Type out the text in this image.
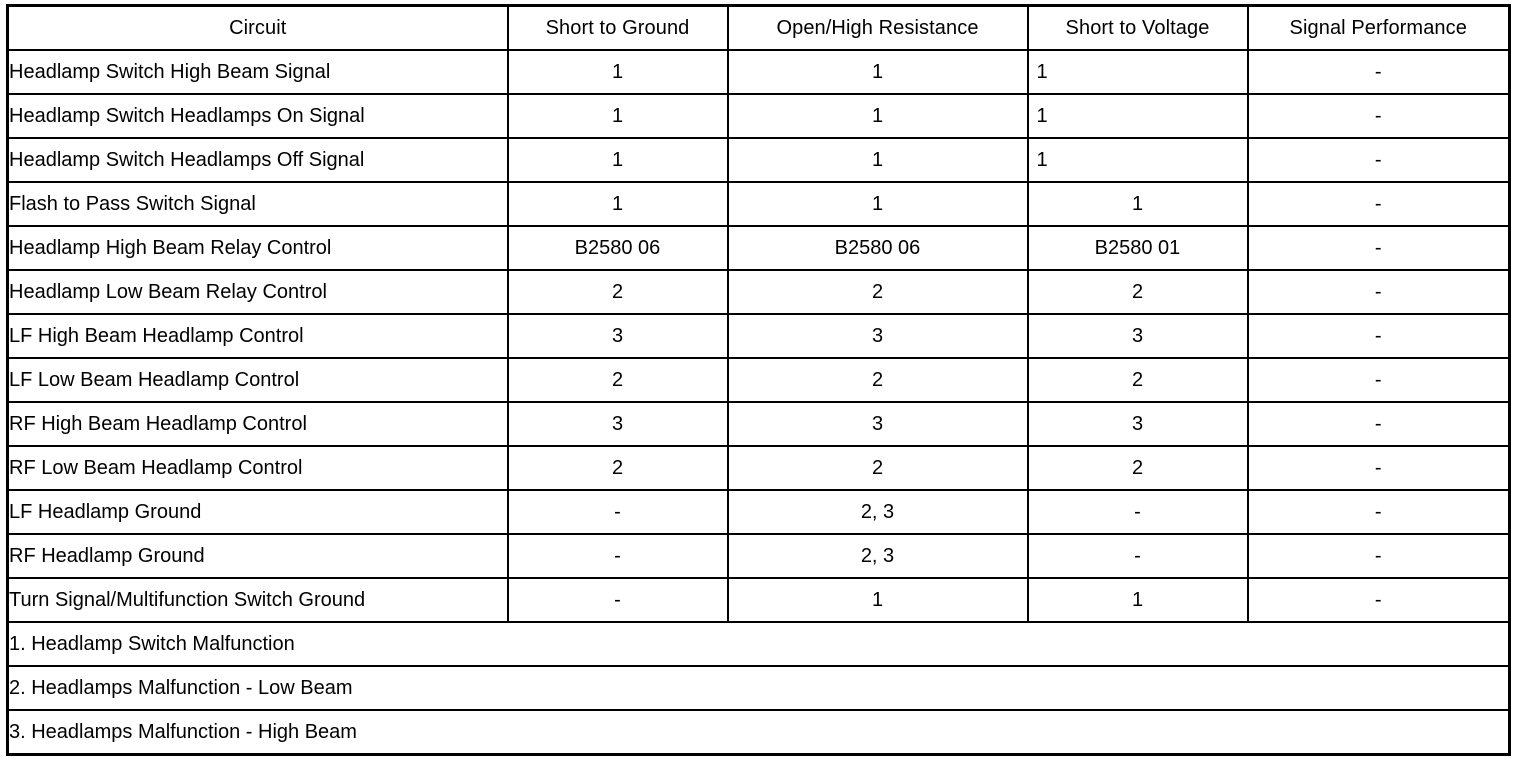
Circuit	Short to Ground	Open/High Resistance	Short to Voltage	Signal Performance
Headlamp Switch High Beam Signal	1	1	1	-
Headlamp Switch Headlamps On Signal	1	1	1	-
Headlamp Switch Headlamps Off Signal	1	1	1	-
Flash to Pass Switch Signal	1	1	1	-
Headlamp High Beam Relay Control	B2580 06	B2580 06	B2580 01	-
Headlamp Low Beam Relay Control	2	2	2	-
LF High Beam Headlamp Control	3	3	3	-
LF Low Beam Headlamp Control	2	2	2	-
RF High Beam Headlamp Control	3	3	3	-
RF Low Beam Headlamp Control	2	2	2	-
LF Headlamp Ground	-	2, 3	-	-
RF Headlamp Ground	-	2, 3	-	-
Turn Signal/Multifunction Switch Ground	-	1	1	-
1. Headlamp Switch Malfunction				
2. Headlamps Malfunction - Low Beam				
3. Headlamps Malfunction - High Beam				
